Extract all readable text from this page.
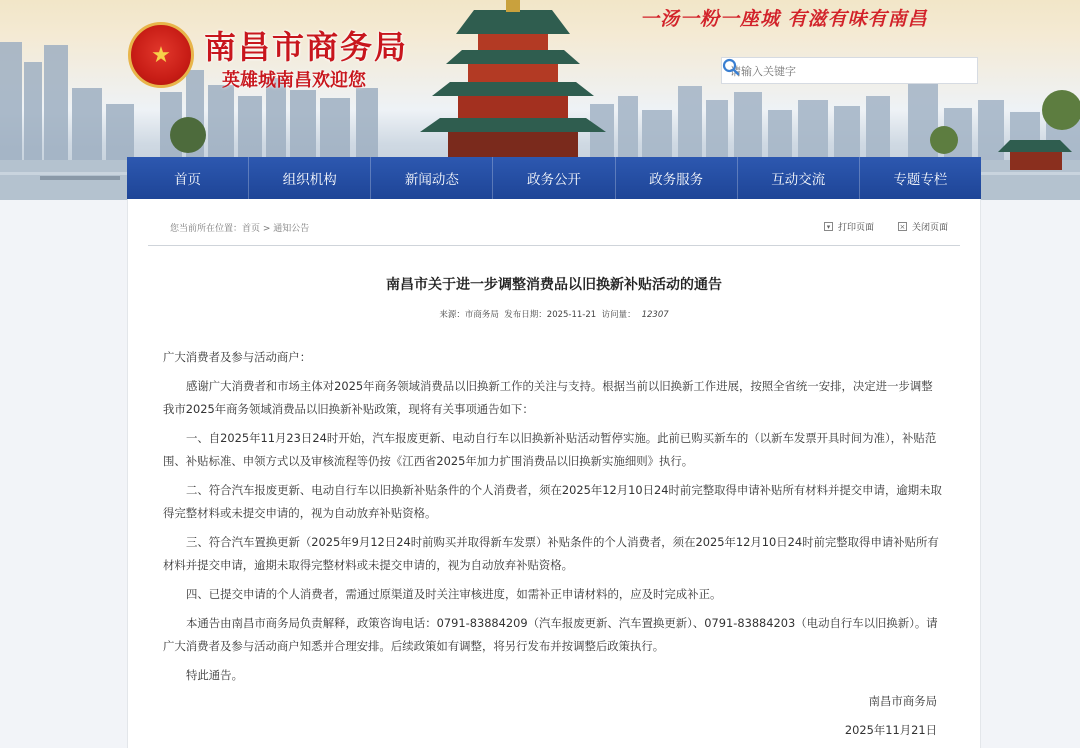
★ 南昌市商务局
英雄城南昌欢迎您
一汤一粉一座城 有滋有味有南昌
请输入关键字
首页	组织机构	新闻动态	政务公开	政务服务	互动交流	专题专栏
您当前所在位置：首页 > 通知公告	▾ 打印页面	× 关闭页面
南昌市关于进一步调整消费品以旧换新补贴活动的通告
来源：市商务局 发布日期：2025-11-21 访问量： 12307

广大消费者及参与活动商户：

感谢广大消费者和市场主体对2025年商务领域消费品以旧换新工作的关注与支持。根据当前以旧换新工作进展，按照全省统一安排，决定进一步调整我市2025年商务领域消费品以旧换新补贴政策，现将有关事项通告如下：

一、自2025年11月23日24时开始，汽车报废更新、电动自行车以旧换新补贴活动暂停实施。此前已购买新车的（以新车发票开具时间为准），补贴范围、补贴标准、申领方式以及审核流程等仍按《江西省2025年加力扩围消费品以旧换新实施细则》执行。

二、符合汽车报废更新、电动自行车以旧换新补贴条件的个人消费者，须在2025年12月10日24时前完整取得申请补贴所有材料并提交申请，逾期未取得完整材料或未提交申请的，视为自动放弃补贴资格。

三、符合汽车置换更新（2025年9月12日24时前购买并取得新车发票）补贴条件的个人消费者，须在2025年12月10日24时前完整取得申请补贴所有材料并提交申请，逾期未取得完整材料或未提交申请的，视为自动放弃补贴资格。

四、已提交申请的个人消费者，需通过原渠道及时关注审核进度，如需补正申请材料的，应及时完成补正。

本通告由南昌市商务局负责解释，政策咨询电话：0791-83884209（汽车报废更新、汽车置换更新）、0791-83884203（电动自行车以旧换新）。请广大消费者及参与活动商户知悉并合理安排。后续政策如有调整，将另行发布并按调整后政策执行。

特此通告。

南昌市商务局
2025年11月21日
